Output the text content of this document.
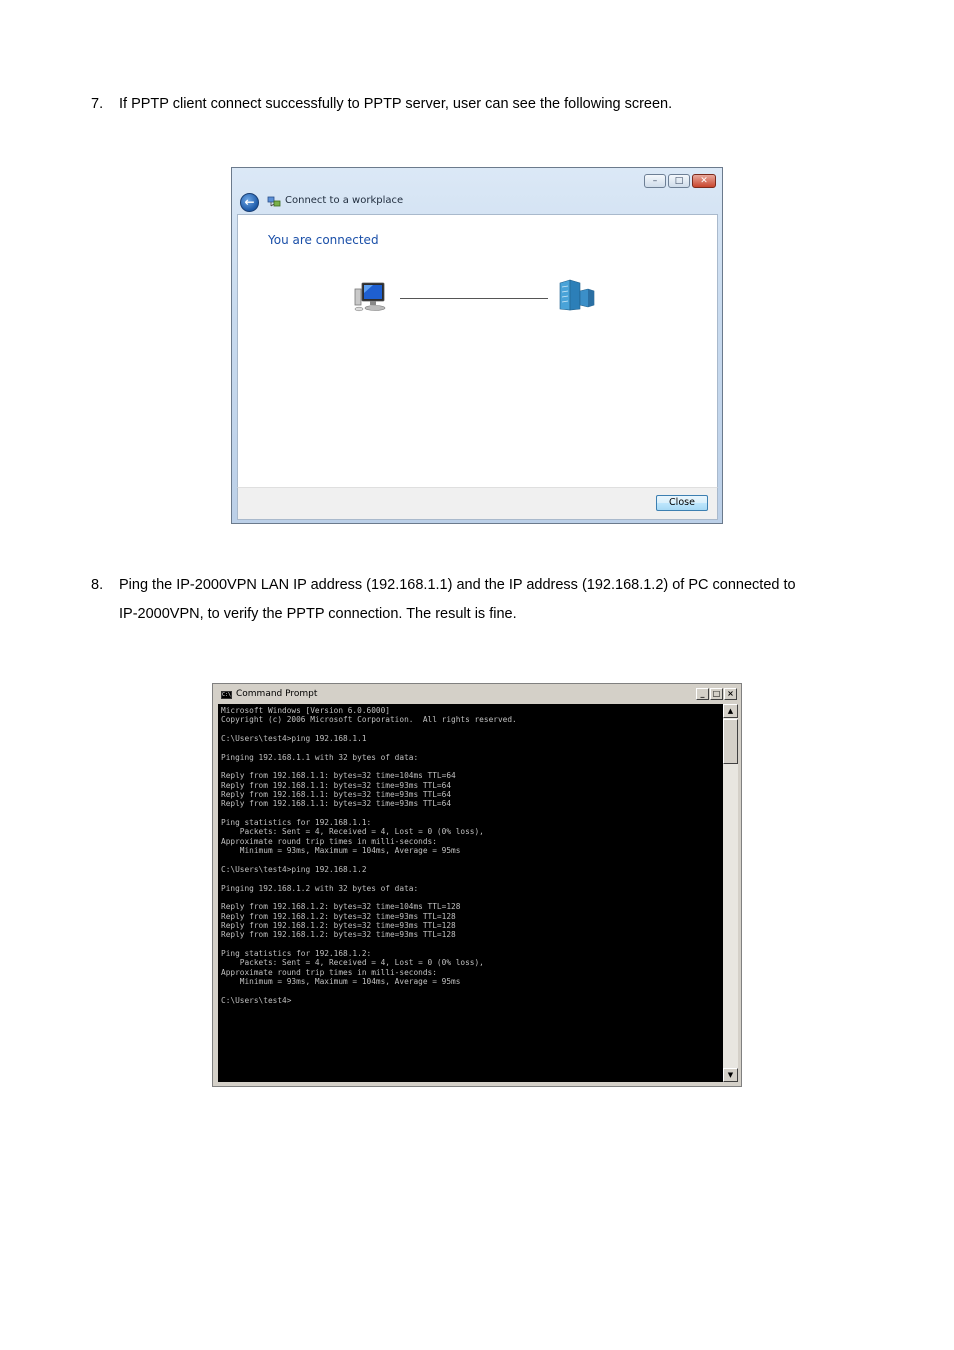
7. If PPTP client connect successfully to PPTP server, user can see the following screen.
–	□	✕
←	Connect to a workplace
You are connected
Close
8. Ping the IP-2000VPN LAN IP address (192.168.1.1) and the IP address (192.168.1.2) of PC connected to
IP-2000VPN, to verify the PPTP connection. The result is fine.
C:\ Command Prompt	_	□ ×
Microsoft Windows [Version 6.0.6000]
Copyright (c) 2006 Microsoft Corporation.  All rights reserved.
C:\Users\test4>ping 192.168.1.1
Pinging 192.168.1.1 with 32 bytes of data:
Reply from 192.168.1.1: bytes=32 time=104ms TTL=64
Reply from 192.168.1.1: bytes=32 time=93ms TTL=64
Reply from 192.168.1.1: bytes=32 time=93ms TTL=64
Reply from 192.168.1.1: bytes=32 time=93ms TTL=64
Ping statistics for 192.168.1.1:
Packets: Sent = 4, Received = 4, Lost = 0 (0% loss),
Approximate round trip times in milli-seconds:
Minimum = 93ms, Maximum = 104ms, Average = 95ms
C:\Users\test4>ping 192.168.1.2
Pinging 192.168.1.2 with 32 bytes of data:
Reply from 192.168.1.2: bytes=32 time=104ms TTL=128
Reply from 192.168.1.2: bytes=32 time=93ms TTL=128
Reply from 192.168.1.2: bytes=32 time=93ms TTL=128
Reply from 192.168.1.2: bytes=32 time=93ms TTL=128
Ping statistics for 192.168.1.2:
Packets: Sent = 4, Received = 4, Lost = 0 (0% loss),
Approximate round trip times in milli-seconds:
Minimum = 93ms, Maximum = 104ms, Average = 95ms
C:\Users\test4>
▲
▼
